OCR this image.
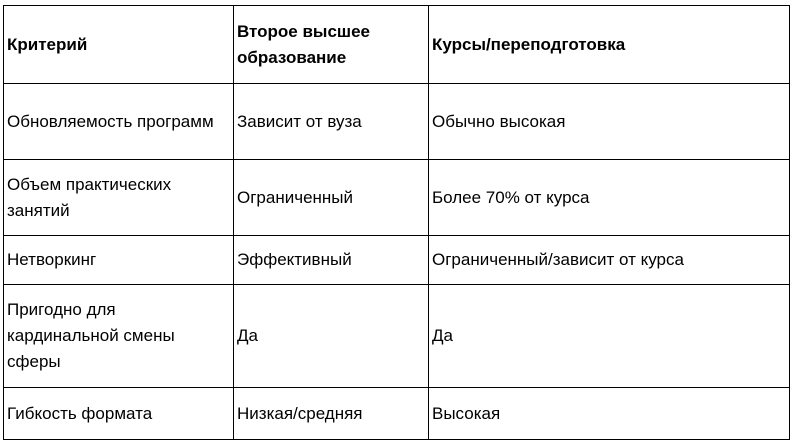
Критерий	Второе высшее образование	Курсы/переподготовка
Обновляемость программ	Зависит от вуза	Обычно высокая
Объем практических занятий	Ограниченный	Более 70% от курса
Нетворкинг	Эффективный	Ограниченный/зависит от курса
Пригодно для кардинальной смены сферы	Да	Да
Гибкость формата	Низкая/средняя	Высокая
